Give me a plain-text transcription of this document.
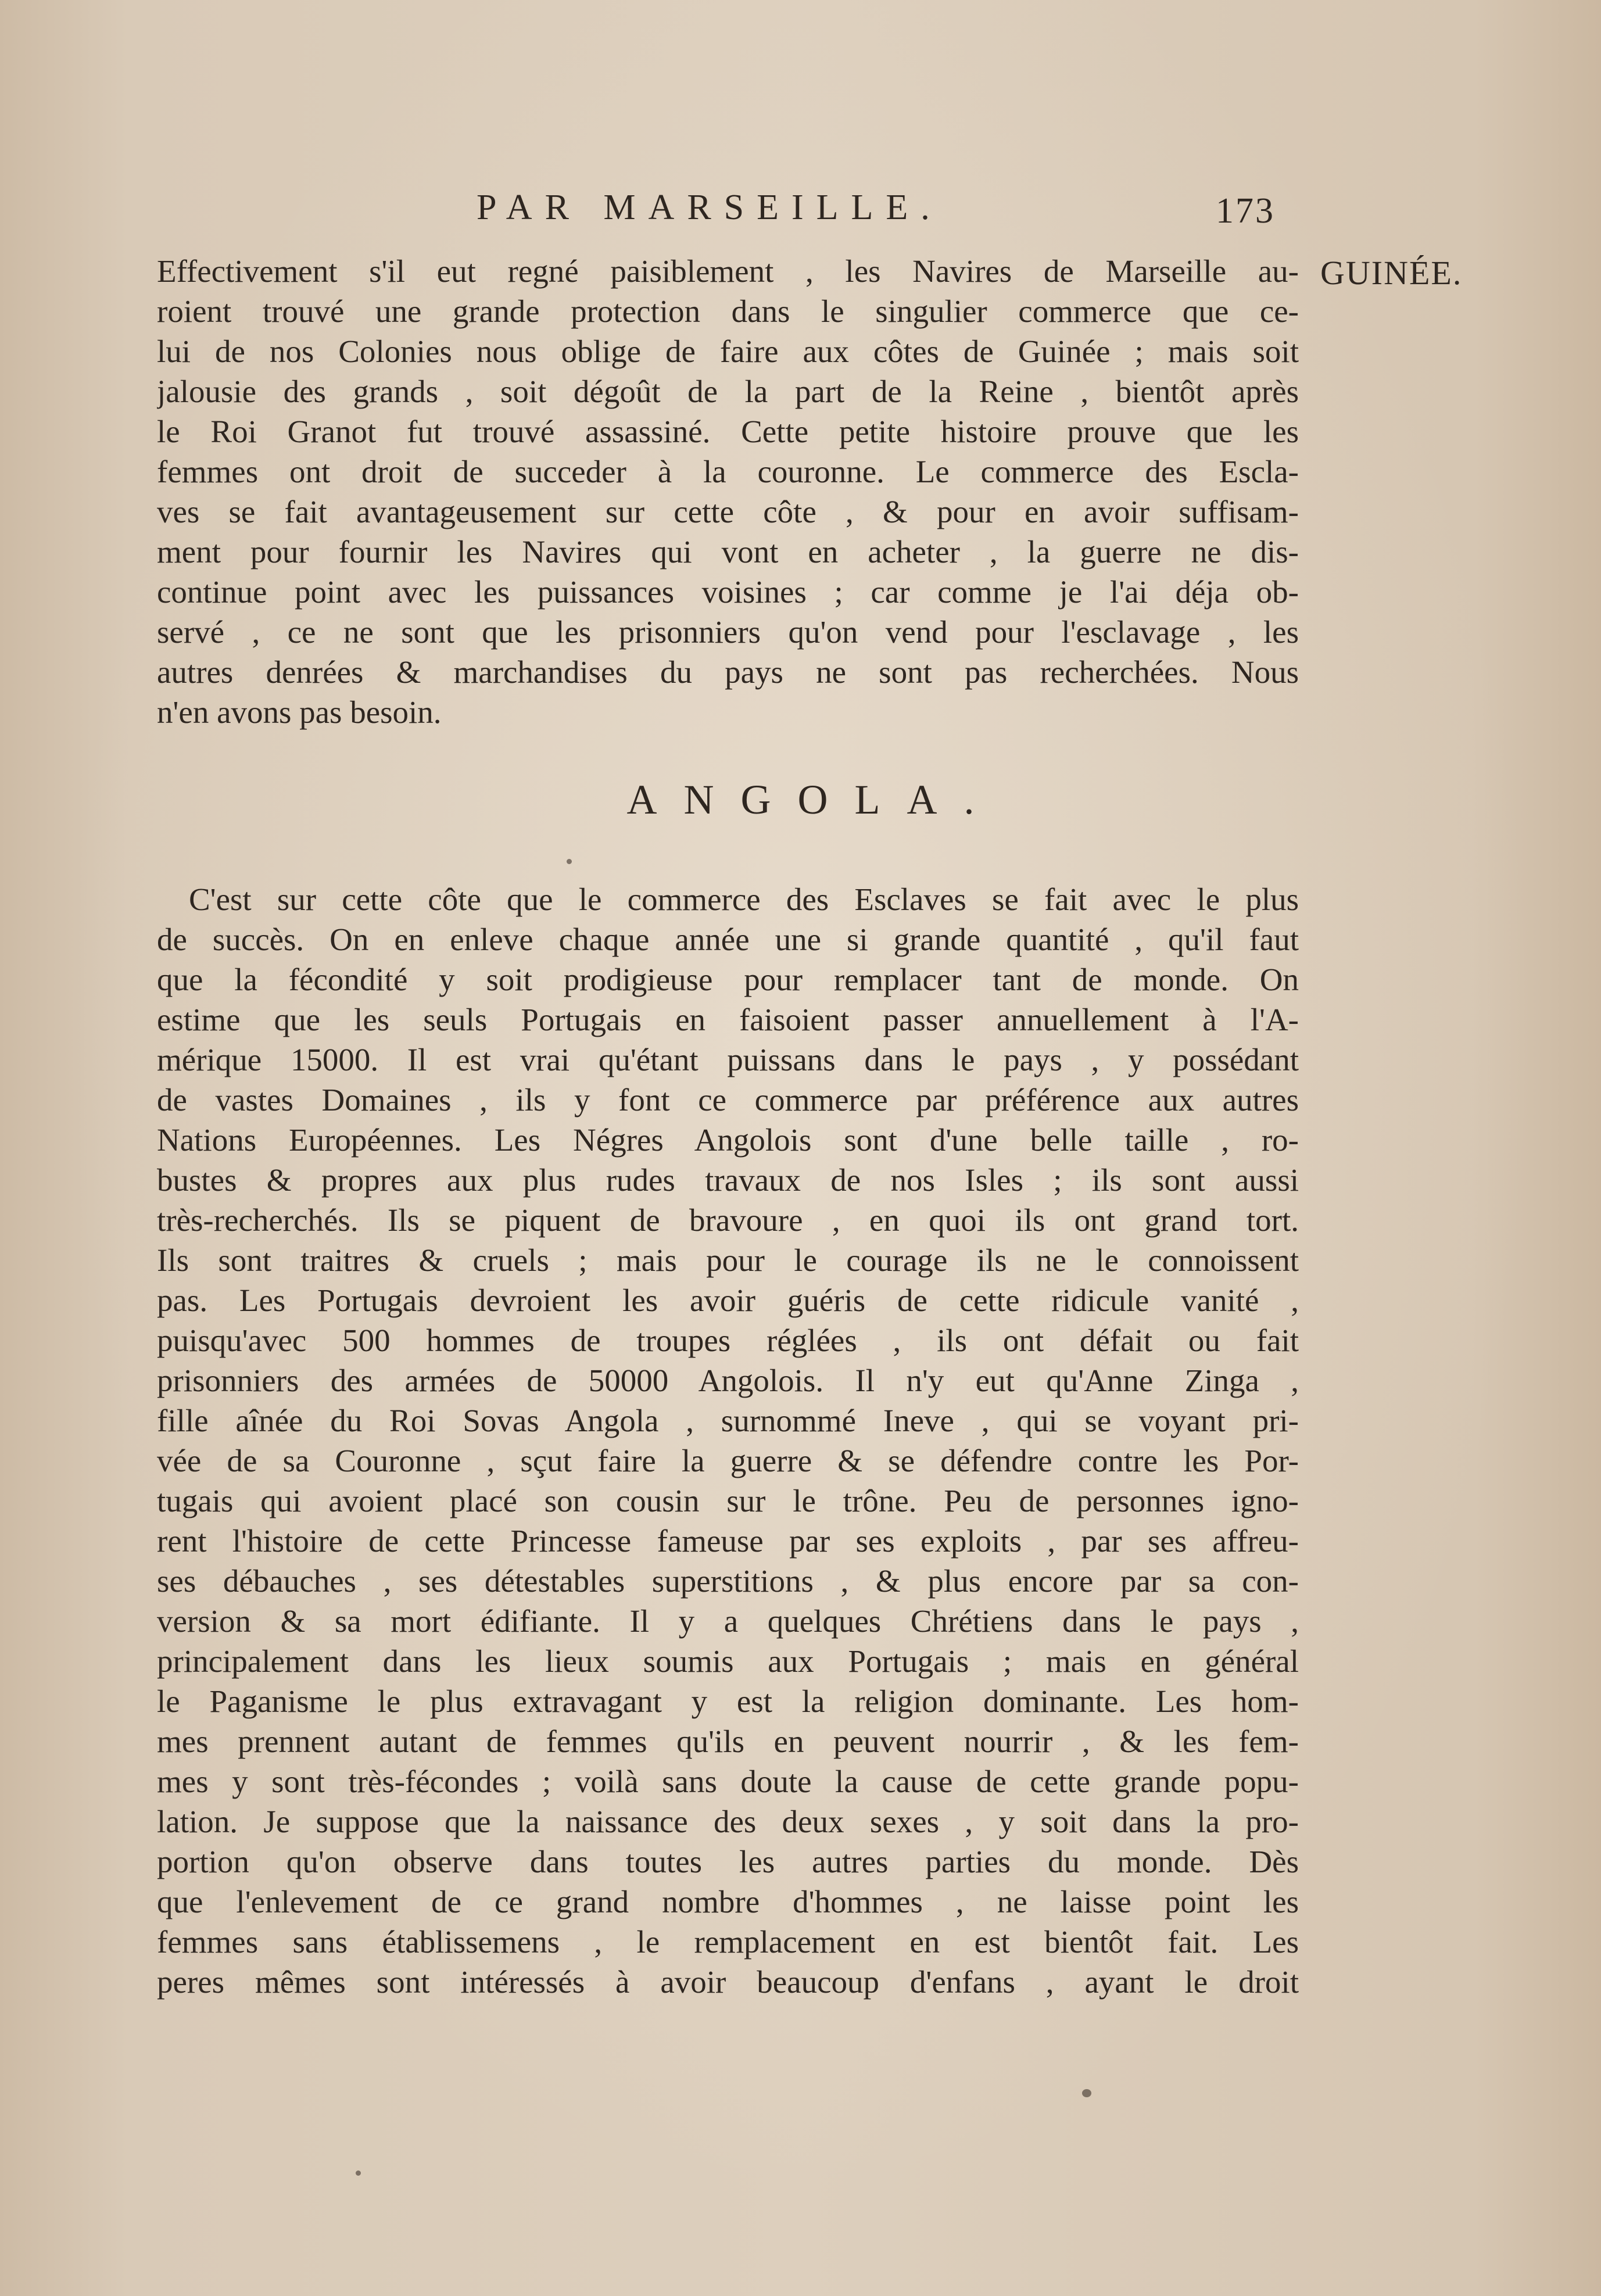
PAR MARSEILLE.	173
GUINÉE.
Effectivement s'il eut regné paisiblement , les Navires de Marseille au-
roient trouvé une grande protection dans le singulier commerce que ce-
lui de nos Colonies nous oblige de faire aux côtes de Guinée ; mais soit
jalousie des grands , soit dégoût de la part de la Reine , bientôt après
le Roi Granot fut trouvé assassiné. Cette petite histoire prouve que les
femmes ont droit de succeder à la couronne. Le commerce des Escla-
ves se fait avantageusement sur cette côte , & pour en avoir suffisam-
ment pour fournir les Navires qui vont en acheter , la guerre ne dis-
continue point avec les puissances voisines ; car comme je l'ai déja ob-
servé , ce ne sont que les prisonniers qu'on vend pour l'esclavage , les
autres denrées & marchandises du pays ne sont pas recherchées. Nous
n'en avons pas besoin.
ANGOLA.
C'est sur cette côte que le commerce des Esclaves se fait avec le plus
de succès. On en enleve chaque année une si grande quantité , qu'il faut
que la fécondité y soit prodigieuse pour remplacer tant de monde. On
estime que les seuls Portugais en faisoient passer annuellement à l'A-
mérique 15000. Il est vrai qu'étant puissans dans le pays , y possédant
de vastes Domaines , ils y font ce commerce par préférence aux autres
Nations Européennes. Les Négres Angolois sont d'une belle taille , ro-
bustes & propres aux plus rudes travaux de nos Isles ; ils sont aussi
très-recherchés. Ils se piquent de bravoure , en quoi ils ont grand tort.
Ils sont traitres & cruels ; mais pour le courage ils ne le connoissent
pas. Les Portugais devroient les avoir guéris de cette ridicule vanité ,
puisqu'avec 500 hommes de troupes réglées , ils ont défait ou fait
prisonniers des armées de 50000 Angolois. Il n'y eut qu'Anne Zinga ,
fille aînée du Roi Sovas Angola , surnommé Ineve , qui se voyant pri-
vée de sa Couronne , sçut faire la guerre & se défendre contre les Por-
tugais qui avoient placé son cousin sur le trône. Peu de personnes igno-
rent l'histoire de cette Princesse fameuse par ses exploits , par ses affreu-
ses débauches , ses détestables superstitions , & plus encore par sa con-
version & sa mort édifiante. Il y a quelques Chrétiens dans le pays ,
principalement dans les lieux soumis aux Portugais ; mais en général
le Paganisme le plus extravagant y est la religion dominante. Les hom-
mes prennent autant de femmes qu'ils en peuvent nourrir , & les fem-
mes y sont très-fécondes ; voilà sans doute la cause de cette grande popu-
lation. Je suppose que la naissance des deux sexes , y soit dans la pro-
portion qu'on observe dans toutes les autres parties du monde. Dès
que l'enlevement de ce grand nombre d'hommes , ne laisse point les
femmes sans établissemens , le remplacement en est bientôt fait. Les
peres mêmes sont intéressés à avoir beaucoup d'enfans , ayant le droit
